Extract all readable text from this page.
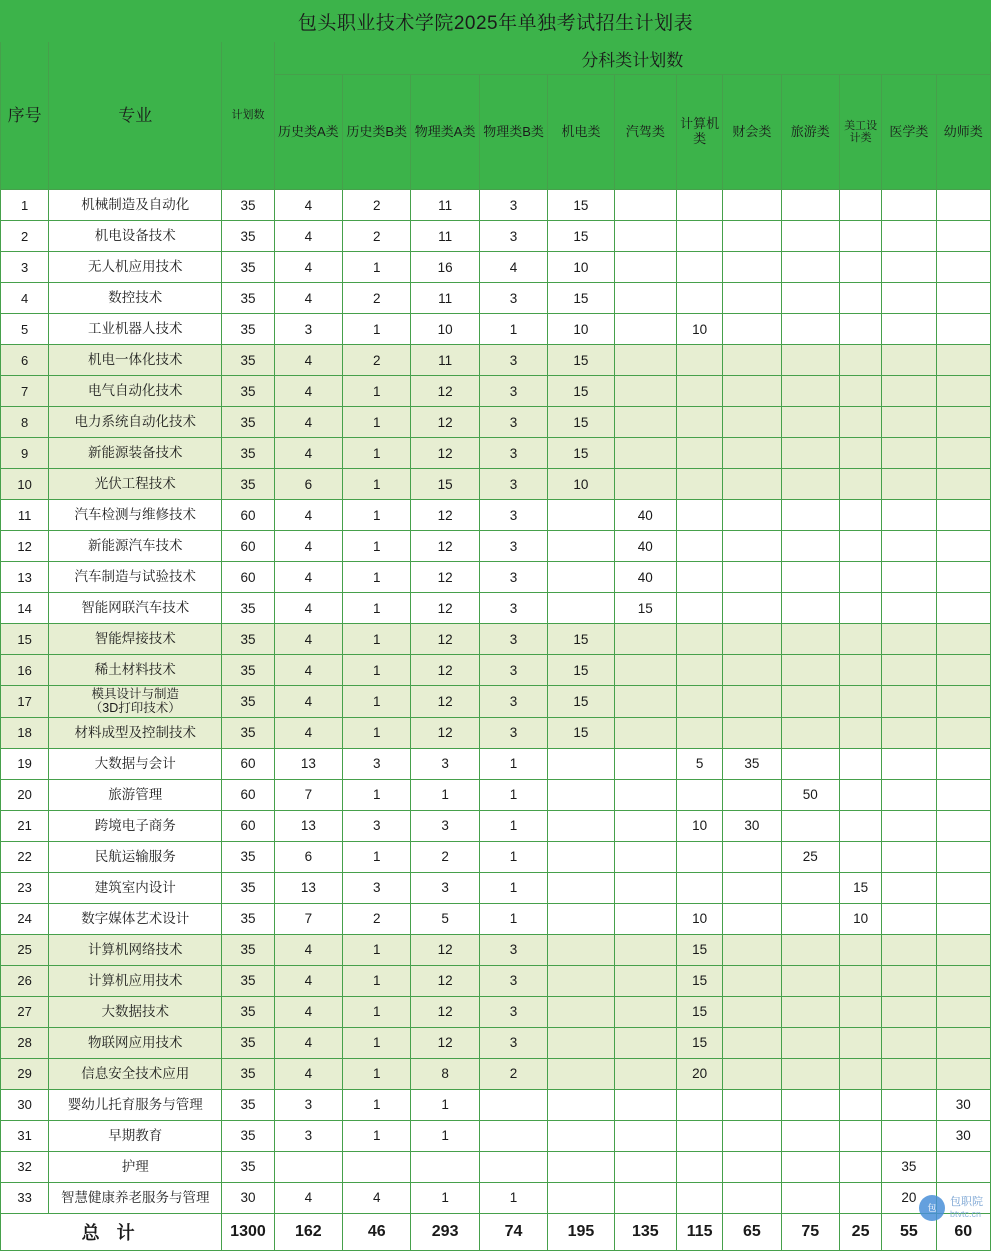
包头职业技术学院2025年单独考试招生计划表														
序号	专业	计划数	分科类计划数											
			历史类A类	历史类B类	物理类A类	物理类B类	机电类	汽驾类	计算机类	财会类	旅游类	美工设计类	医学类	幼师类
1	机械制造及自动化	35	4	2	11	3	15							
2	机电设备技术	35	4	2	11	3	15							
3	无人机应用技术	35	4	1	16	4	10							
4	数控技术	35	4	2	11	3	15							
5	工业机器人技术	35	3	1	10	1	10		10					
6	机电一体化技术	35	4	2	11	3	15							
7	电气自动化技术	35	4	1	12	3	15							
8	电力系统自动化技术	35	4	1	12	3	15							
9	新能源装备技术	35	4	1	12	3	15							
10	光伏工程技术	35	6	1	15	3	10							
11	汽车检测与维修技术	60	4	1	12	3		40						
12	新能源汽车技术	60	4	1	12	3		40						
13	汽车制造与试验技术	60	4	1	12	3		40						
14	智能网联汽车技术	35	4	1	12	3		15						
15	智能焊接技术	35	4	1	12	3	15							
16	稀土材料技术	35	4	1	12	3	15							
17	模具设计与制造
（3D打印技术）	35	4	1	12	3	15							
18	材料成型及控制技术	35	4	1	12	3	15							
19	大数据与会计	60	13	3	3	1			5	35				
20	旅游管理	60	7	1	1	1					50			
21	跨境电子商务	60	13	3	3	1			10	30				
22	民航运输服务	35	6	1	2	1					25			
23	建筑室内设计	35	13	3	3	1						15		
24	数字媒体艺术设计	35	7	2	5	1			10			10		
25	计算机网络技术	35	4	1	12	3			15					
26	计算机应用技术	35	4	1	12	3			15					
27	大数据技术	35	4	1	12	3			15					
28	物联网应用技术	35	4	1	12	3			15					
29	信息安全技术应用	35	4	1	8	2			20					
30	婴幼儿托育服务与管理	35	3	1	1									30
31	早期教育	35	3	1	1									30
32	护理	35											35	
33	智慧健康养老服务与管理	30	4	4	1	1							20	
总 计		1300	162	46	293	74	195	135	115	65	75	25	55	60
包	包职院
btvtc.cn
